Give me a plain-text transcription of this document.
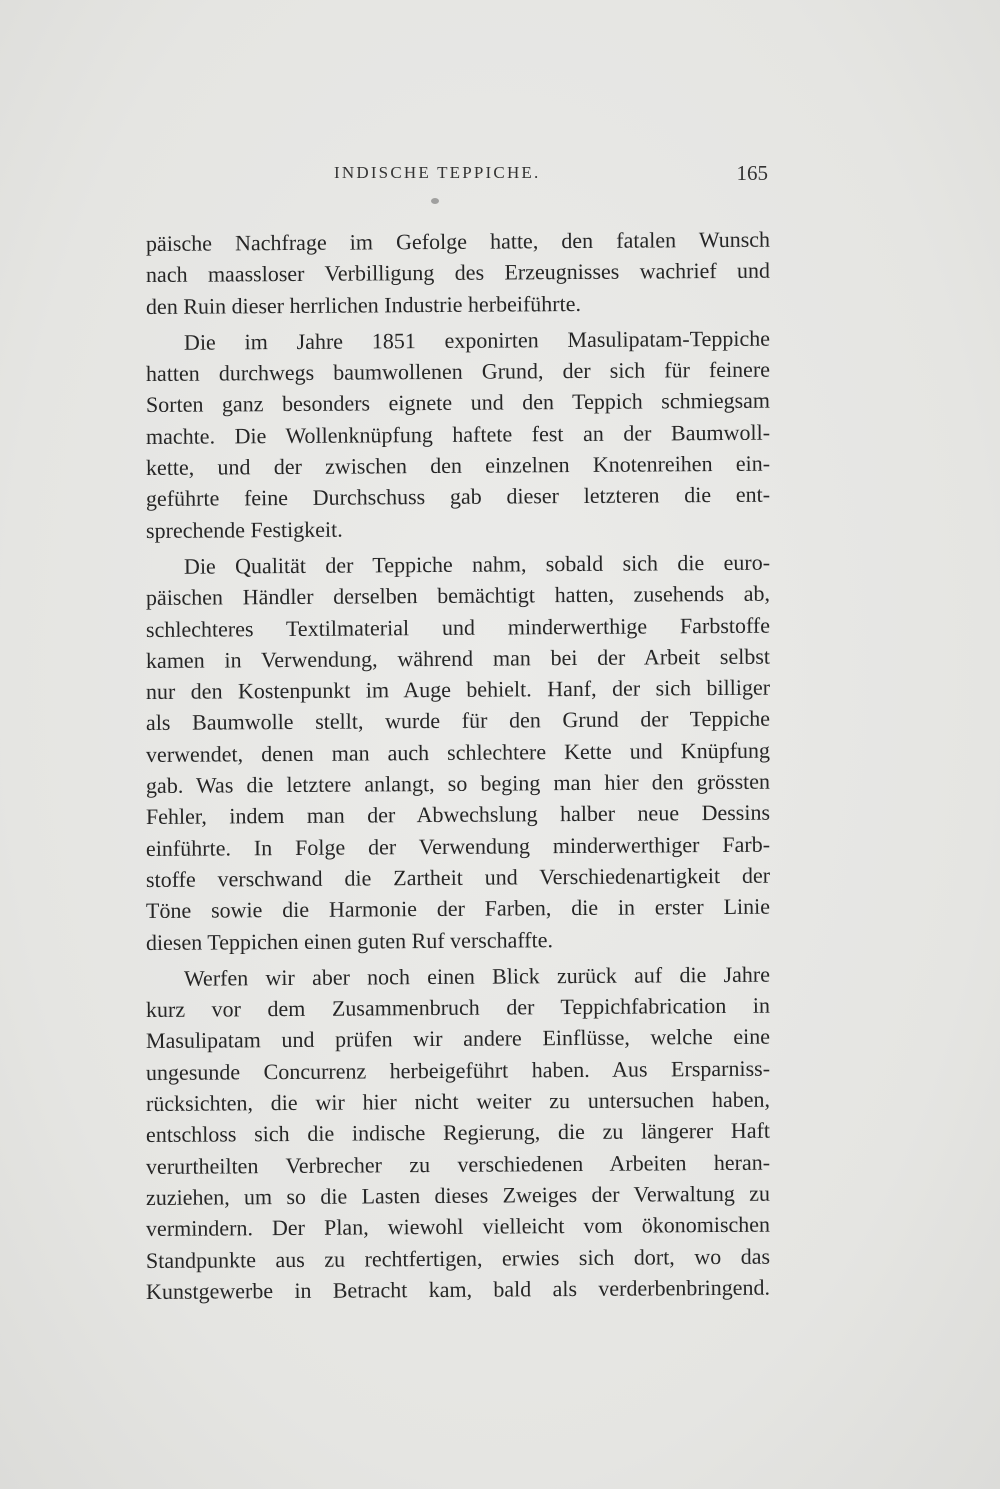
INDISCHE TEPPICHE.	165
päische Nachfrage im Gefolge hatte, den fatalen Wunsch
nach maassloser Verbilligung des Erzeugnisses wachrief und
den Ruin dieser herrlichen Industrie herbeiführte.
Die im Jahre 1851 exponirten Masulipatam-Teppiche
hatten durchwegs baumwollenen Grund, der sich für feinere
Sorten ganz besonders eignete und den Teppich schmiegsam
machte. Die Wollenknüpfung haftete fest an der Baumwoll-
kette, und der zwischen den einzelnen Knotenreihen ein-
geführte feine Durchschuss gab dieser letzteren die ent-
sprechende Festigkeit.
Die Qualität der Teppiche nahm, sobald sich die euro-
päischen Händler derselben bemächtigt hatten, zusehends ab,
schlechteres Textilmaterial und minderwerthige Farbstoffe
kamen in Verwendung, während man bei der Arbeit selbst
nur den Kostenpunkt im Auge behielt. Hanf, der sich billiger
als Baumwolle stellt, wurde für den Grund der Teppiche
verwendet, denen man auch schlechtere Kette und Knüpfung
gab. Was die letztere anlangt, so beging man hier den grössten
Fehler, indem man der Abwechslung halber neue Dessins
einführte. In Folge der Verwendung minderwerthiger Farb-
stoffe verschwand die Zartheit und Verschiedenartigkeit der
Töne sowie die Harmonie der Farben, die in erster Linie
diesen Teppichen einen guten Ruf verschaffte.
Werfen wir aber noch einen Blick zurück auf die Jahre
kurz vor dem Zusammenbruch der Teppichfabrication in
Masulipatam und prüfen wir andere Einflüsse, welche eine
ungesunde Concurrenz herbeigeführt haben. Aus Ersparniss-
rücksichten, die wir hier nicht weiter zu untersuchen haben,
entschloss sich die indische Regierung, die zu längerer Haft
verurtheilten Verbrecher zu verschiedenen Arbeiten heran-
zuziehen, um so die Lasten dieses Zweiges der Verwaltung zu
vermindern. Der Plan, wiewohl vielleicht vom ökonomischen
Standpunkte aus zu rechtfertigen, erwies sich dort, wo das
Kunstgewerbe in Betracht kam, bald als verderbenbringend.
